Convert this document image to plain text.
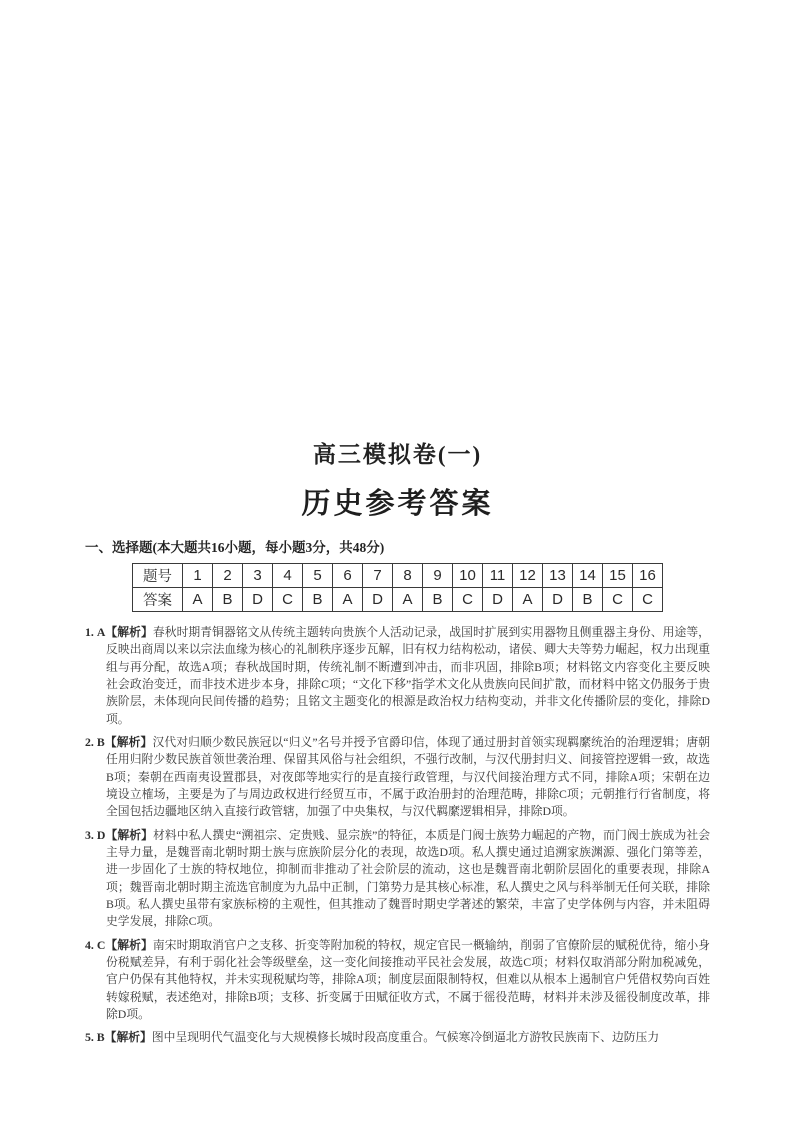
高三模拟卷(一)
历史参考答案
一、选择题(本大题共16小题，每小题3分，共48分)
题号	1	2	3	4	5	6	7	8	9	10	11	12	13	14	15	16
答案	A	B	D	C	B	A	D	A	B	C	D	A	D	B	C	C

1. A【解析】春秋时期青铜器铭文从传统主题转向贵族个人活动记录，战国时扩展到实用器物且侧重器主身份、用途等，反映出商周以来以宗法血缘为核心的礼制秩序逐步瓦解，旧有权力结构松动，诸侯、卿大夫等势力崛起，权力出现重组与再分配，故选A项；春秋战国时期，传统礼制不断遭到冲击，而非巩固，排除B项；材料铭文内容变化主要反映社会政治变迁，而非技术进步本身，排除C项；“文化下移”指学术文化从贵族向民间扩散，而材料中铭文仍服务于贵族阶层，未体现向民间传播的趋势；且铭文主题变化的根源是政治权力结构变动，并非文化传播阶层的变化，排除D项。

2. B【解析】汉代对归顺少数民族冠以“归义”名号并授予官爵印信，体现了通过册封首领实现羁縻统治的治理逻辑；唐朝任用归附少数民族首领世袭治理、保留其风俗与社会组织，不强行改制，与汉代册封归义、间接管控逻辑一致，故选B项；秦朝在西南夷设置郡县，对夜郎等地实行的是直接行政管理，与汉代间接治理方式不同，排除A项；宋朝在边境设立榷场，主要是为了与周边政权进行经贸互市，不属于政治册封的治理范畴，排除C项；元朝推行行省制度，将全国包括边疆地区纳入直接行政管辖，加强了中央集权，与汉代羁縻逻辑相异，排除D项。

3. D【解析】材料中私人撰史“溯祖宗、定贵贱、显宗族”的特征，本质是门阀士族势力崛起的产物，而门阀士族成为社会主导力量，是魏晋南北朝时期士族与庶族阶层分化的表现，故选D项。私人撰史通过追溯家族渊源、强化门第等差，进一步固化了士族的特权地位，抑制而非推动了社会阶层的流动，这也是魏晋南北朝阶层固化的重要表现，排除A项；魏晋南北朝时期主流选官制度为九品中正制，门第势力是其核心标准，私人撰史之风与科举制无任何关联，排除B项。私人撰史虽带有家族标榜的主观性，但其推动了魏晋时期史学著述的繁荣，丰富了史学体例与内容，并未阻碍史学发展，排除C项。

4. C【解析】南宋时期取消官户之支移、折变等附加税的特权，规定官民一概输纳，削弱了官僚阶层的赋税优待，缩小身份税赋差异，有利于弱化社会等级壁垒，这一变化间接推动平民社会发展，故选C项；材料仅取消部分附加税减免，官户仍保有其他特权，并未实现税赋均等，排除A项；制度层面限制特权，但难以从根本上遏制官户凭借权势向百姓转嫁税赋，表述绝对，排除B项；支移、折变属于田赋征收方式，不属于徭役范畴，材料并未涉及徭役制度改革，排除D项。

5. B【解析】图中呈现明代气温变化与大规模修长城时段高度重合。气候寒冷倒逼北方游牧民族南下、边防压力
